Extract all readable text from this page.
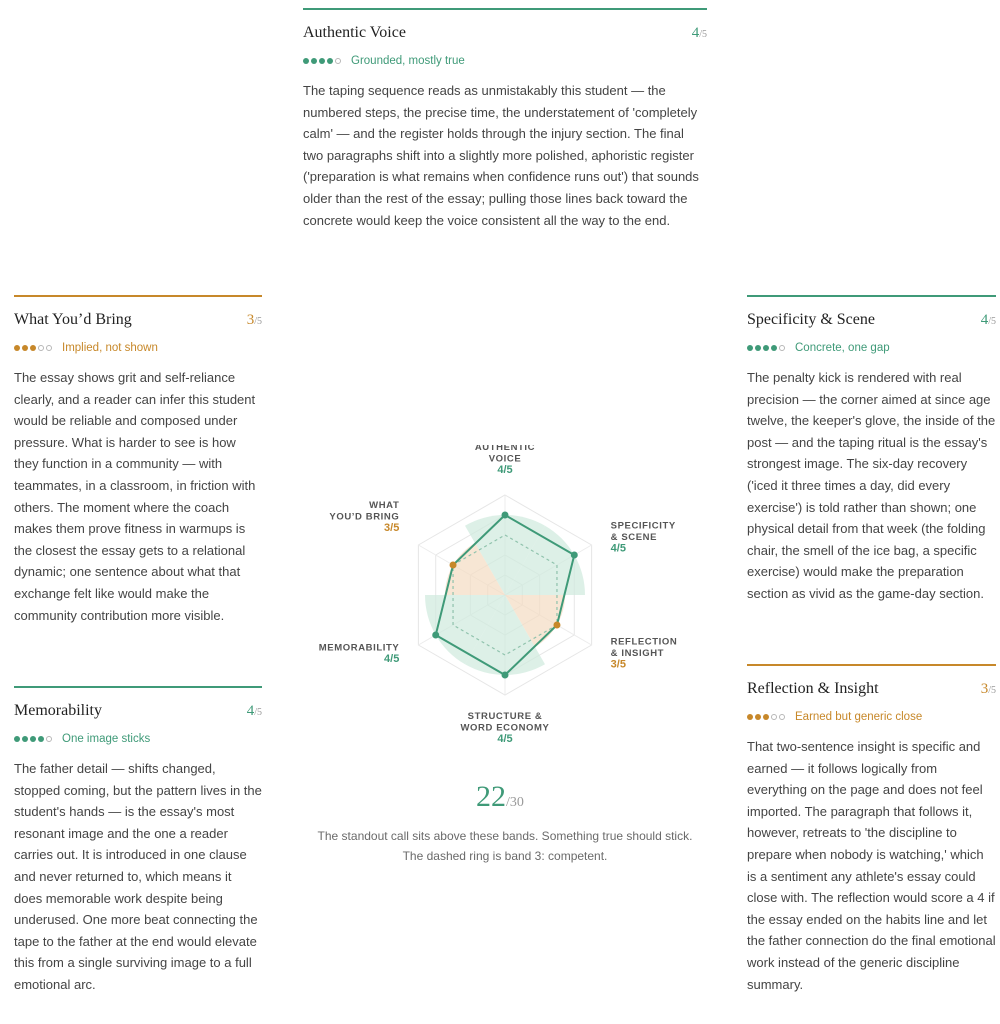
Authentic Voice	4/5
Grounded, mostly true
The taping sequence reads as unmistakably this student — the numbered steps, the precise time, the understatement of 'completely calm' — and the register holds through the injury section. The final two paragraphs shift into a slightly more polished, aphoristic register ('preparation is what remains when confidence runs out') that sounds older than the rest of the essay; pulling those lines back toward the concrete would keep the voice consistent all the way to the end.
What You’d Bring	3/5
Implied, not shown
The essay shows grit and self-reliance clearly, and a reader can infer this student would be reliable and composed under pressure. What is harder to see is how they function in a community — with teammates, in a classroom, in friction with others. The moment where the coach makes them prove fitness in warmups is the closest the essay gets to a relational dynamic; one sentence about what that exchange felt like would make the community contribution more visible.
Memorability	4/5
One image sticks
The father detail — shifts changed, stopped coming, but the pattern lives in the student's hands — is the essay's most resonant image and the one a reader carries out. It is introduced in one clause and never returned to, which means it does memorable work despite being underused. One more beat connecting the tape to the father at the end would elevate this from a single surviving image to a full emotional arc.
Specificity & Scene	4/5
Concrete, one gap
The penalty kick is rendered with real precision — the corner aimed at since age twelve, the keeper's glove, the inside of the post — and the taping ritual is the essay's strongest image. The six-day recovery ('iced it three times a day, did every exercise') is told rather than shown; one physical detail from that week (the folding chair, the smell of the ice bag, a specific exercise) would make the preparation section as vivid as the game-day section.
Reflection & Insight	3/5
Earned but generic close
That two-sentence insight is specific and earned — it follows logically from everything on the page and does not feel imported. The paragraph that follows it, however, retreats to 'the discipline to prepare when nobody is watching,' which is a sentiment any athlete's essay could close with. The reflection would score a 4 if the essay ended on the habits line and let the father connection do the final emotional work instead of the generic discipline summary.
AUTHENTIC
VOICE
4/5
SPECIFICITY
& SCENE
4/5
REFLECTION
& INSIGHT
3/5
STRUCTURE &
WORD ECONOMY
4/5
MEMORABILITY
4/5
WHAT
YOU’D BRING
3/5
22/30
The standout call sits above these bands. Something true should stick. The dashed ring is band 3: competent.
